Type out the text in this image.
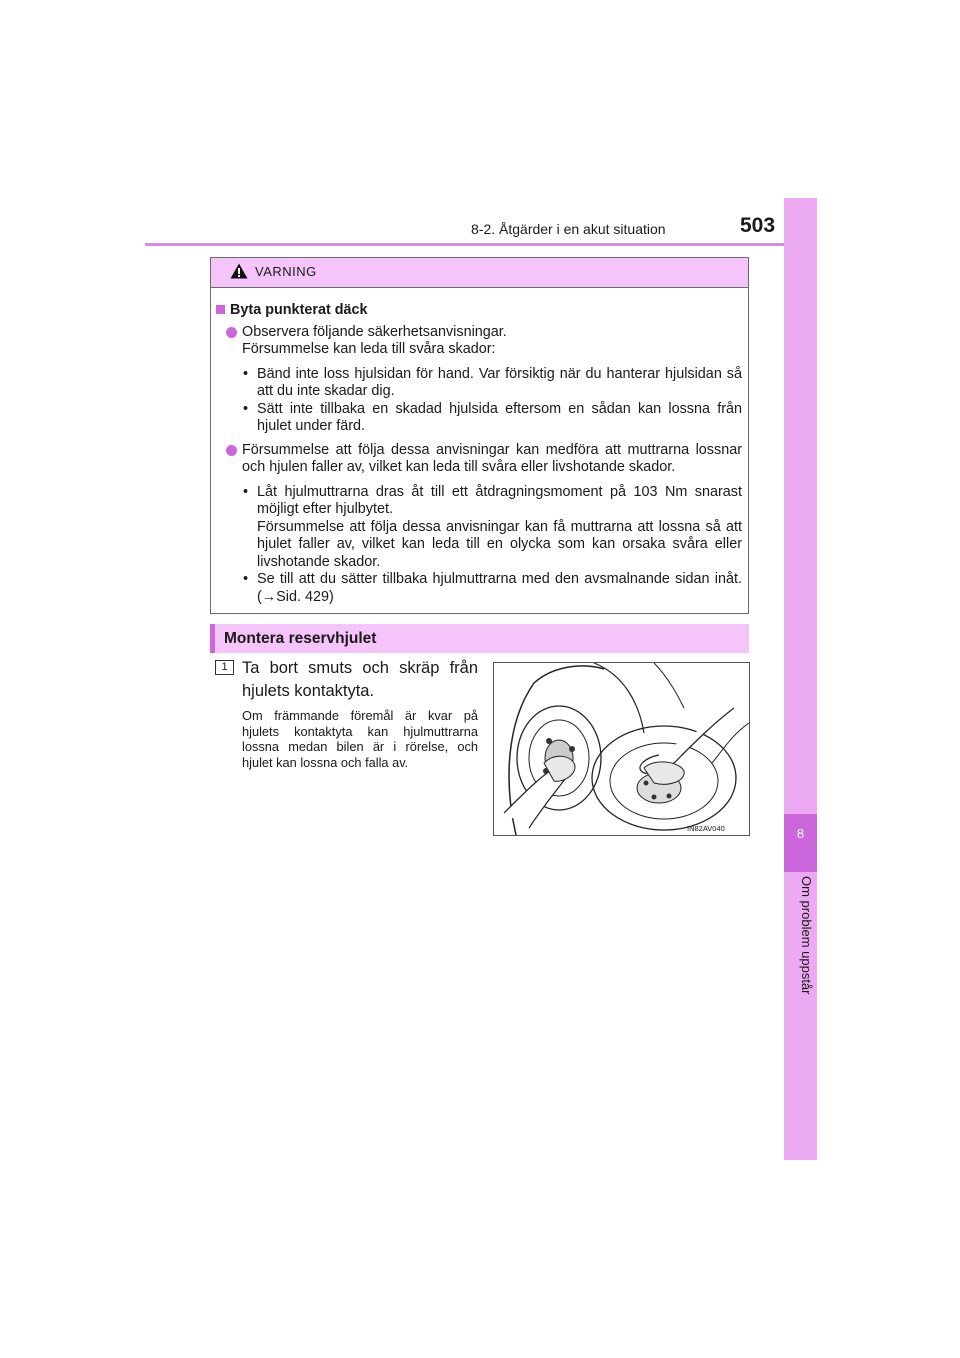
8-2. Åtgärder i en akut situation	503
8
Om problem uppstår
VARNING
Byta punkterat däck
Observera följande säkerhetsanvisningar.
Försummelse kan leda till svåra skador:
• Bänd inte loss hjulsidan för hand. Var försiktig när du hanterar hjulsidan så att du inte skadar dig.
• Sätt inte tillbaka en skadad hjulsida eftersom en sådan kan lossna från hjulet under färd.
Försummelse att följa dessa anvisningar kan medföra att muttrarna lossnar och hjulen faller av, vilket kan leda till svåra eller livshotande skador.
• Låt hjulmuttrarna dras åt till ett åtdragningsmoment på 103 Nm snarast möjligt efter hjulbytet.
Försummelse att följa dessa anvisningar kan få muttrarna att lossna så att hjulet faller av, vilket kan leda till en olycka som kan orsaka svåra eller livshotande skador.
• Se till att du sätter tillbaka hjulmuttrarna med den avsmalnande sidan inåt. (→Sid. 429)
Montera reservhjulet
1 Ta bort smuts och skräp från hjulets kontaktyta.
Om främmande föremål är kvar på hjulets kontaktyta kan hjulmuttrarna lossna medan bilen är i rörelse, och hjulet kan lossna och falla av.
IN82AV040
